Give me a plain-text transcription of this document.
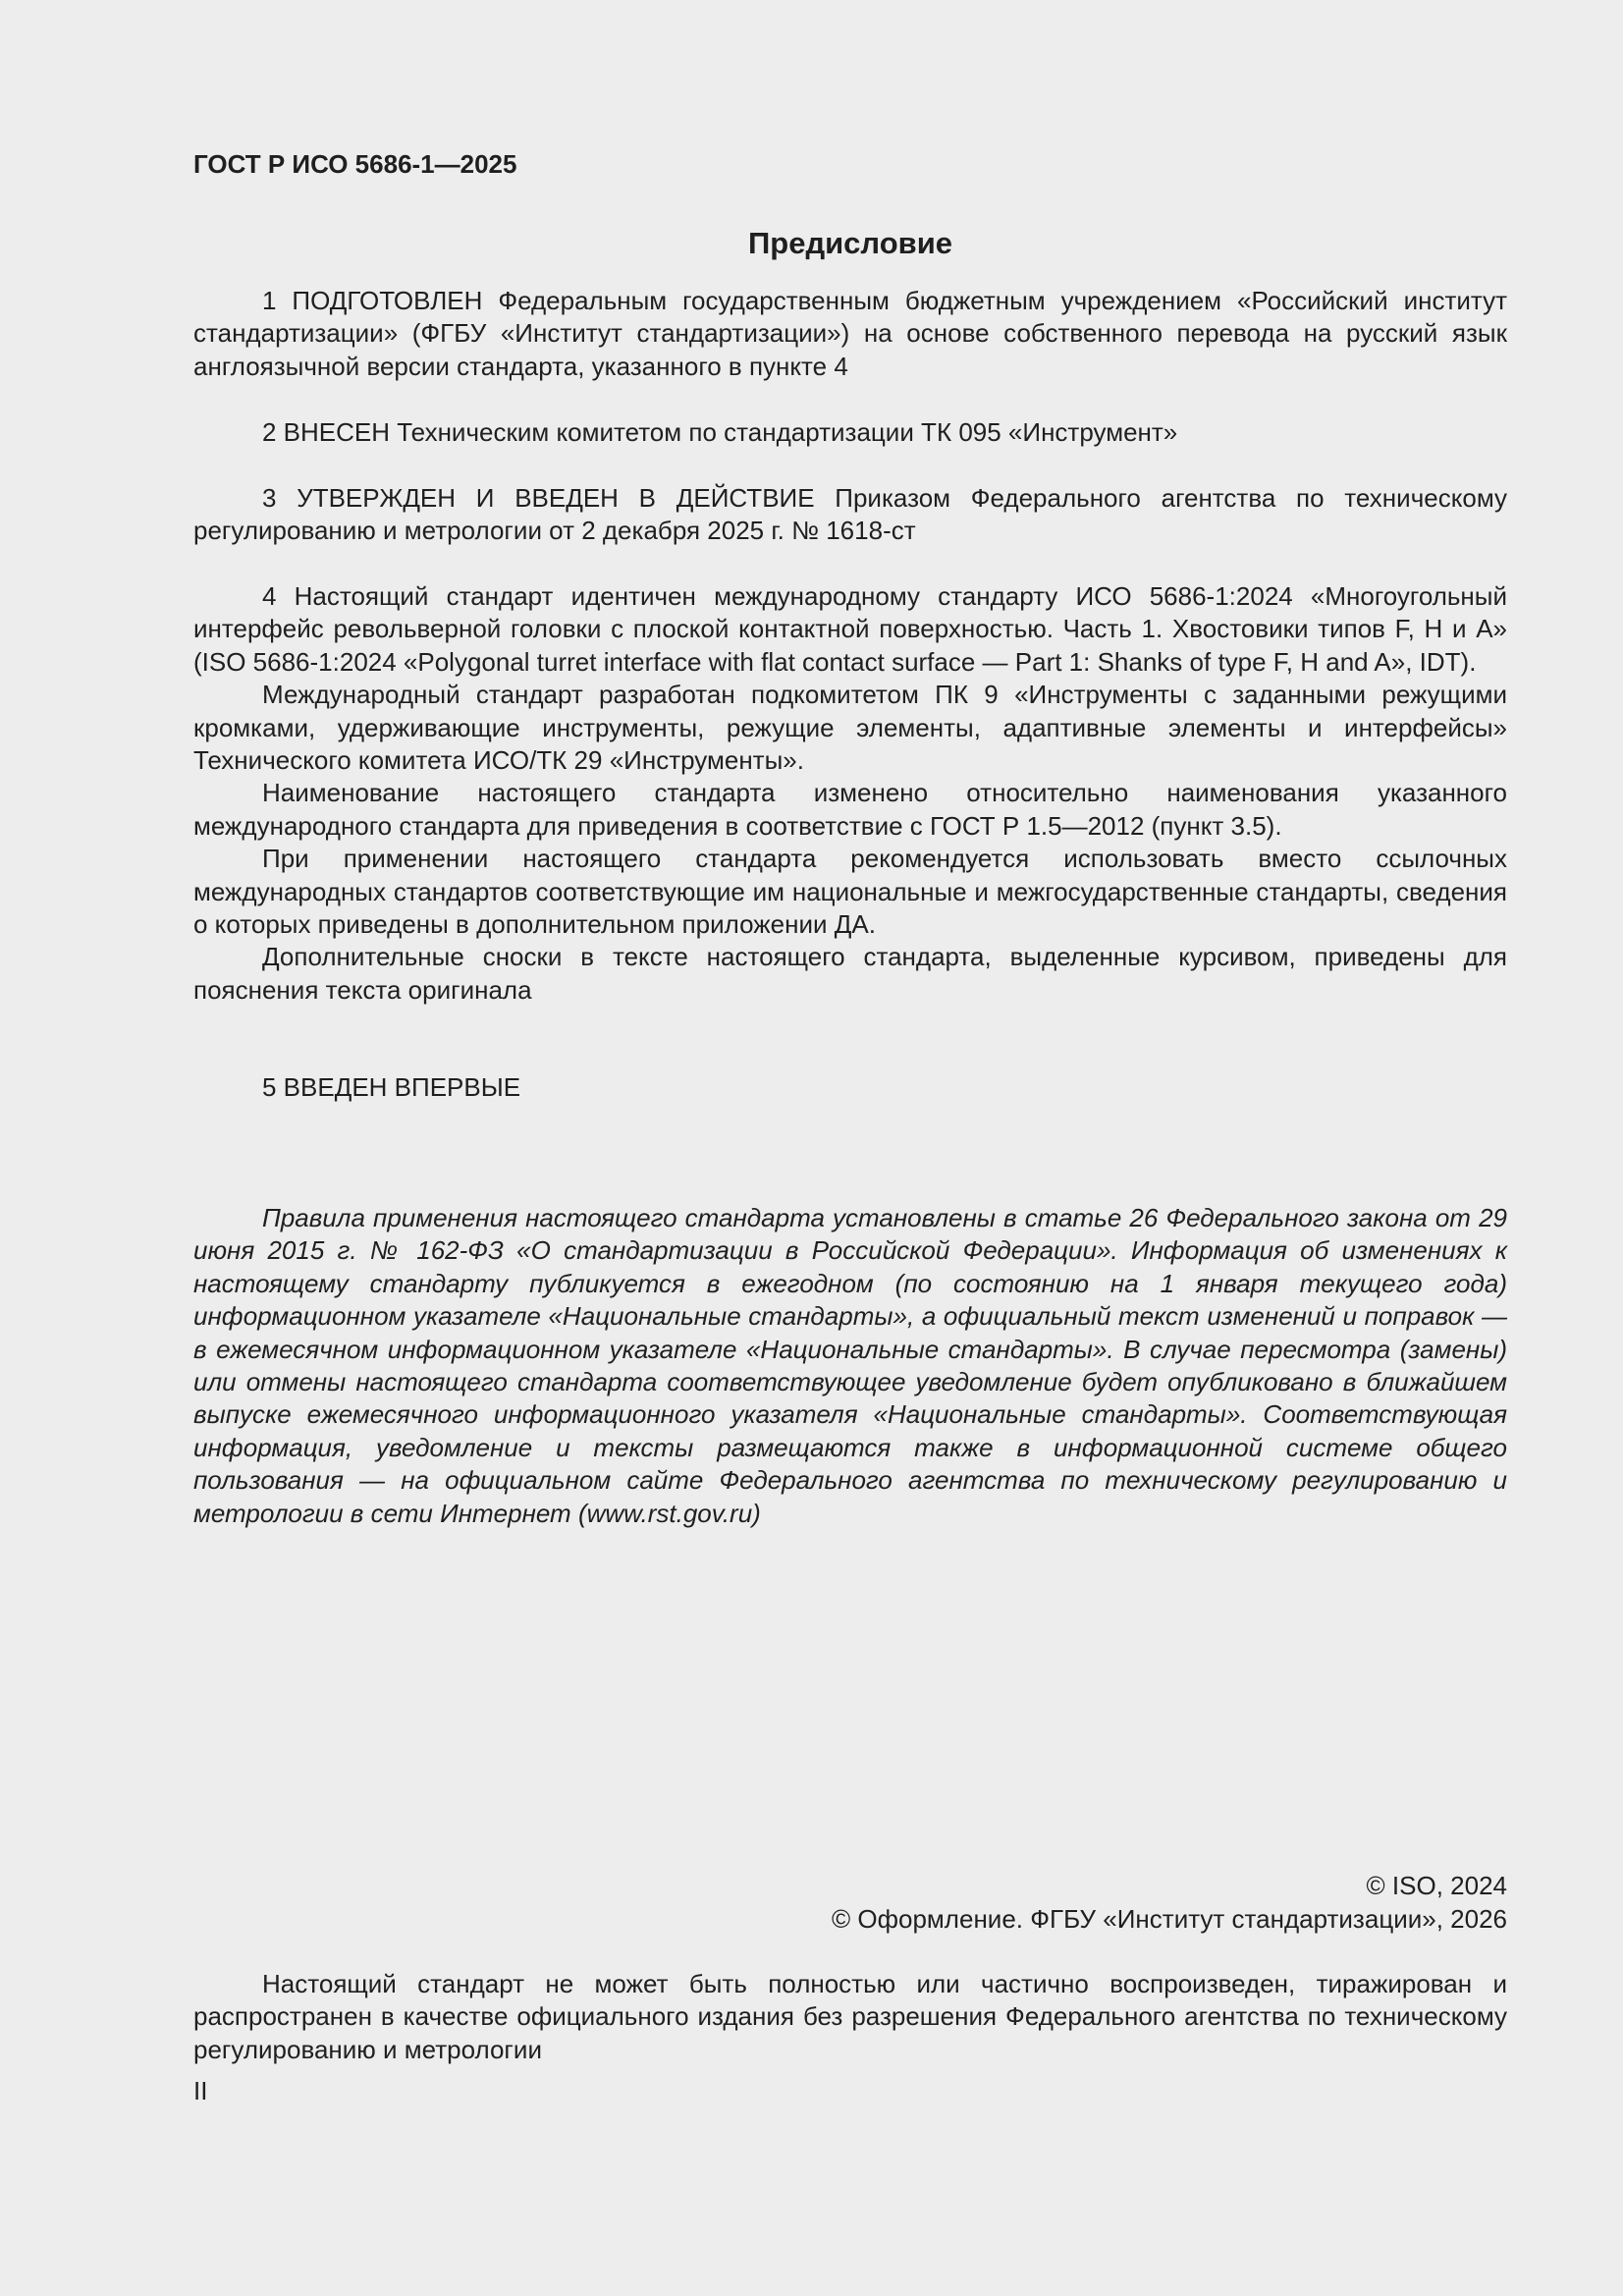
ГОСТ Р ИСО 5686-1—2025
Предисловие

1 ПОДГОТОВЛЕН Федеральным государственным бюджетным учреждением «Российский институт стандартизации» (ФГБУ «Институт стандартизации») на основе собственного перевода на русский язык англоязычной версии стандарта, указанного в пункте 4

2 ВНЕСЕН Техническим комитетом по стандартизации ТК 095 «Инструмент»

3 УТВЕРЖДЕН И ВВЕДЕН В ДЕЙСТВИЕ Приказом Федерального агентства по техническому регулированию и метрологии от 2 декабря 2025 г. № 1618-ст

4 Настоящий стандарт идентичен международному стандарту ИСО 5686-1:2024 «Многоугольный интерфейс револьверной головки с плоской контактной поверхностью. Часть 1. Хвостовики типов F, H и A» (ISO 5686-1:2024 «Polygonal turret interface with flat contact surface — Part 1: Shanks of type F, H and A», IDT).

Международный стандарт разработан подкомитетом ПК 9 «Инструменты с заданными режущими кромками, удерживающие инструменты, режущие элементы, адаптивные элементы и интерфейсы» Технического комитета ИСО/ТК 29 «Инструменты».

Наименование настоящего стандарта изменено относительно наименования указанного международного стандарта для приведения в соответствие с ГОСТ Р 1.5—2012 (пункт 3.5).

При применении настоящего стандарта рекомендуется использовать вместо ссылочных международных стандартов соответствующие им национальные и межгосударственные стандарты, сведения о которых приведены в дополнительном приложении ДА.

Дополнительные сноски в тексте настоящего стандарта, выделенные курсивом, приведены для пояснения текста оригинала

5 ВВЕДЕН ВПЕРВЫЕ

Правила применения настоящего стандарта установлены в статье 26 Федерального закона от 29 июня 2015 г. № 162-ФЗ «О стандартизации в Российской Федерации». Информация об изменениях к настоящему стандарту публикуется в ежегодном (по состоянию на 1 января текущего года) информационном указателе «Национальные стандарты», а официальный текст изменений и поправок — в ежемесячном информационном указателе «Национальные стандарты». В случае пересмотра (замены) или отмены настоящего стандарта соответствующее уведомление будет опубликовано в ближайшем выпуске ежемесячного информационного указателя «Национальные стандарты». Соответствующая информация, уведомление и тексты размещаются также в информационной системе общего пользования — на официальном сайте Федерального агентства по техническому регулированию и метрологии в сети Интернет (www.rst.gov.ru)

© ISO, 2024
© Оформление. ФГБУ «Институт стандартизации», 2026

Настоящий стандарт не может быть полностью или частично воспроизведен, тиражирован и распространен в качестве официального издания без разрешения Федерального агентства по техническому регулированию и метрологии

II
